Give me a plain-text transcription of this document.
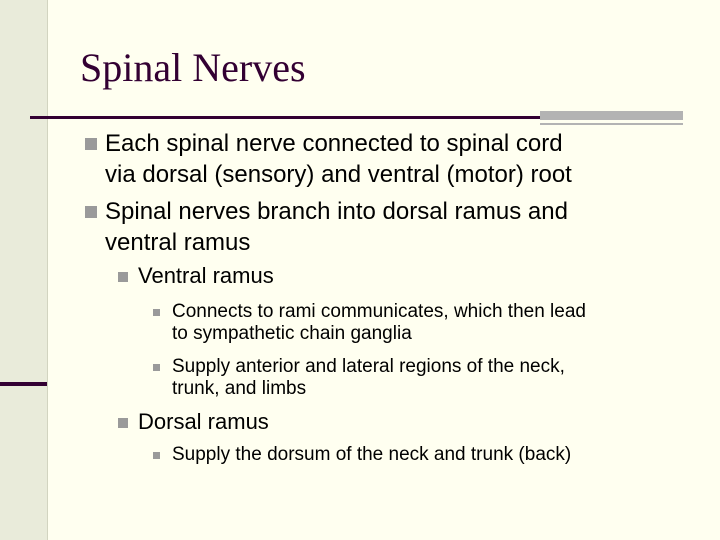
Spinal Nerves
Each spinal nerve connected to spinal cord
via dorsal (sensory) and ventral (motor) root
Spinal nerves branch into dorsal ramus and
ventral ramus
Ventral ramus
Connects to rami communicates, which then lead
to sympathetic chain ganglia
Supply anterior and lateral regions of the neck,
trunk, and limbs
Dorsal ramus
Supply the dorsum of the neck and trunk (back)
